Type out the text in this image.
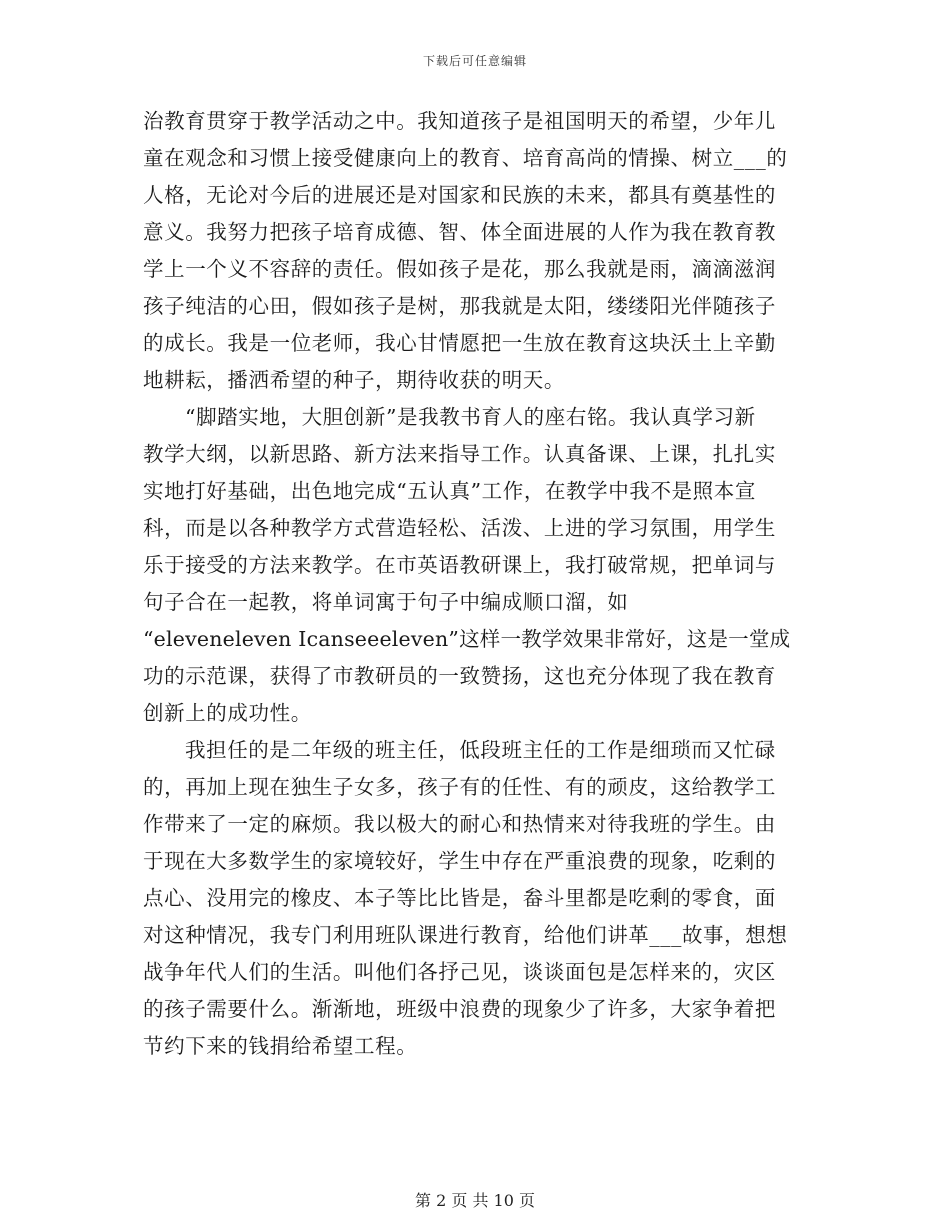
下载后可任意编辑
治教育贯穿于教学活动之中。我知道孩子是祖国明天的希望，少年儿
童在观念和习惯上接受健康向上的教育、培育高尚的情操、树立___的
人格，无论对今后的进展还是对国家和民族的未来，都具有奠基性的
意义。我努力把孩子培育成德、智、体全面进展的人作为我在教育教
学上一个义不容辞的责任。假如孩子是花，那么我就是雨，滴滴滋润
孩子纯洁的心田，假如孩子是树，那我就是太阳，缕缕阳光伴随孩子
的成长。我是一位老师，我心甘情愿把一生放在教育这块沃土上辛勤
地耕耘，播洒希望的种子，期待收获的明天。
“脚踏实地，大胆创新”是我教书育人的座右铭。我认真学习新
教学大纲，以新思路、新方法来指导工作。认真备课、上课，扎扎实
实地打好基础，出色地完成“五认真”工作，在教学中我不是照本宣
科，而是以各种教学方式营造轻松、活泼、上进的学习氛围，用学生
乐于接受的方法来教学。在市英语教研课上，我打破常规，把单词与
句子合在一起教，将单词寓于句子中编成顺口溜，如
“eleveneleven Icanseeeleven”这样一教学效果非常好，这是一堂成
功的示范课，获得了市教研员的一致赞扬，这也充分体现了我在教育
创新上的成功性。
我担任的是二年级的班主任，低段班主任的工作是细琐而又忙碌
的，再加上现在独生子女多，孩子有的任性、有的顽皮，这给教学工
作带来了一定的麻烦。我以极大的耐心和热情来对待我班的学生。由
于现在大多数学生的家境较好，学生中存在严重浪费的现象，吃剩的
点心、没用完的橡皮、本子等比比皆是，畚斗里都是吃剩的零食，面
对这种情况，我专门利用班队课进行教育，给他们讲革___故事，想想
战争年代人们的生活。叫他们各抒己见，谈谈面包是怎样来的，灾区
的孩子需要什么。渐渐地，班级中浪费的现象少了许多，大家争着把
节约下来的钱捐给希望工程。
第 2 页 共 10 页
